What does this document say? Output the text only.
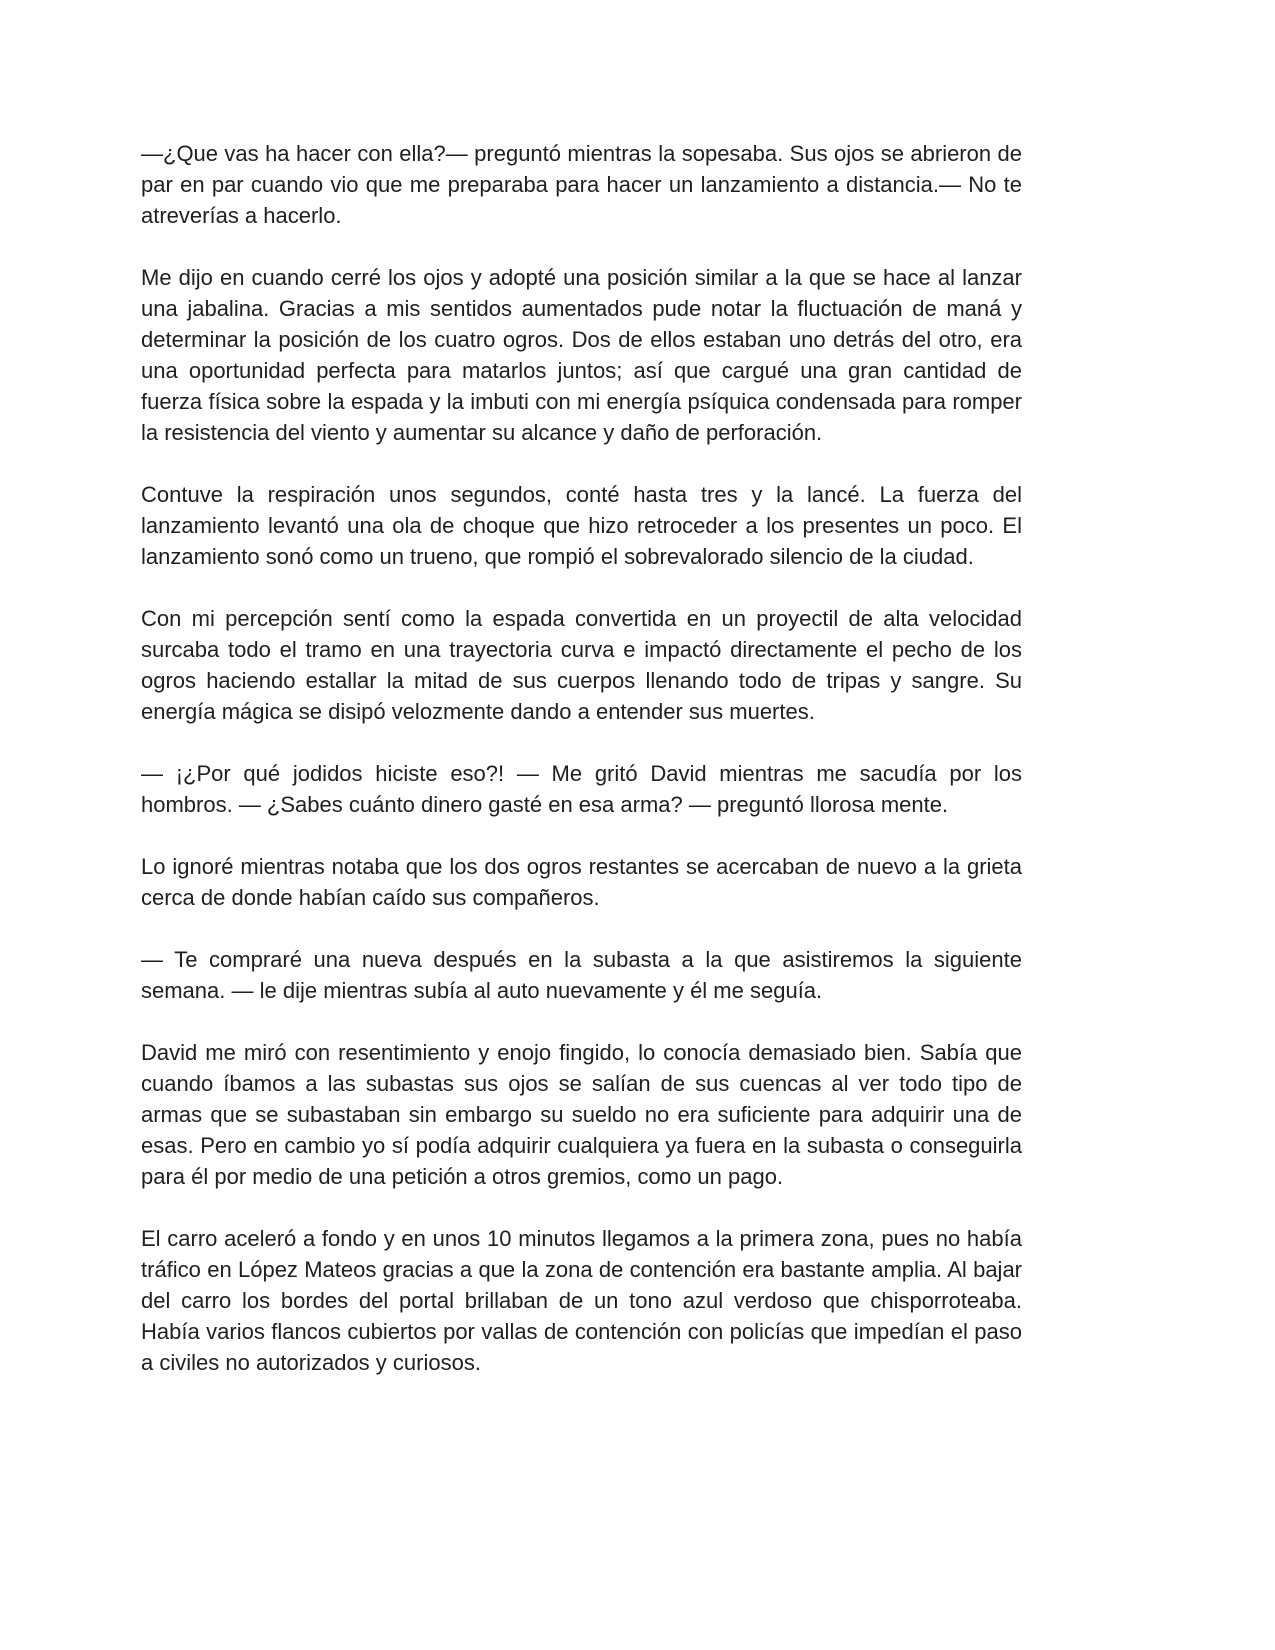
—¿Que vas ha hacer con ella?— preguntó mientras la sopesaba. Sus ojos se abrieron de par en par cuando vio que me preparaba para hacer un lanzamiento a distancia.— No te atreverías a hacerlo.

Me dijo en cuando cerré los ojos y adopté una posición similar a la que se hace al lanzar una jabalina. Gracias a mis sentidos aumentados pude notar la fluctuación de maná y determinar la posición de los cuatro ogros. Dos de ellos estaban uno detrás del otro, era una oportunidad perfecta para matarlos juntos; así que cargué una gran cantidad de fuerza física sobre la espada y la imbuti con mi energía psíquica condensada para romper la resistencia del viento y aumentar su alcance y daño de perforación.

Contuve la respiración unos segundos, conté hasta tres y la lancé. La fuerza del lanzamiento levantó una ola de choque que hizo retroceder a los presentes un poco. El lanzamiento sonó como un trueno, que rompió el sobrevalorado silencio de la ciudad.

Con mi percepción sentí como la espada convertida en un proyectil de alta velocidad surcaba todo el tramo en una trayectoria curva e impactó directamente el pecho de los ogros haciendo estallar la mitad de sus cuerpos llenando todo de tripas y sangre. Su energía mágica se disipó velozmente dando a entender sus muertes.

— ¡¿Por qué jodidos hiciste eso?! — Me gritó David mientras me sacudía por los hombros. — ¿Sabes cuánto dinero gasté en esa arma? — preguntó llorosa mente.

Lo ignoré mientras notaba que los dos ogros restantes se acercaban de nuevo a la grieta cerca de donde habían caído sus compañeros.

— Te compraré una nueva después en la subasta a la que asistiremos la siguiente semana. — le dije mientras subía al auto nuevamente y él me seguía.

David me miró con resentimiento y enojo fingido, lo conocía demasiado bien. Sabía que cuando íbamos a las subastas sus ojos se salían de sus cuencas al ver todo tipo de armas que se subastaban sin embargo su sueldo no era suficiente para adquirir una de esas. Pero en cambio yo sí podía adquirir cualquiera ya fuera en la subasta o conseguirla para él por medio de una petición a otros gremios, como un pago.

El carro aceleró a fondo y en unos 10 minutos llegamos a la primera zona, pues no había tráfico en López Mateos gracias a que la zona de contención era bastante amplia. Al bajar del carro los bordes del portal brillaban de un tono azul verdoso que chisporroteaba. Había varios flancos cubiertos por vallas de contención con policías que impedían el paso a civiles no autorizados y curiosos.
